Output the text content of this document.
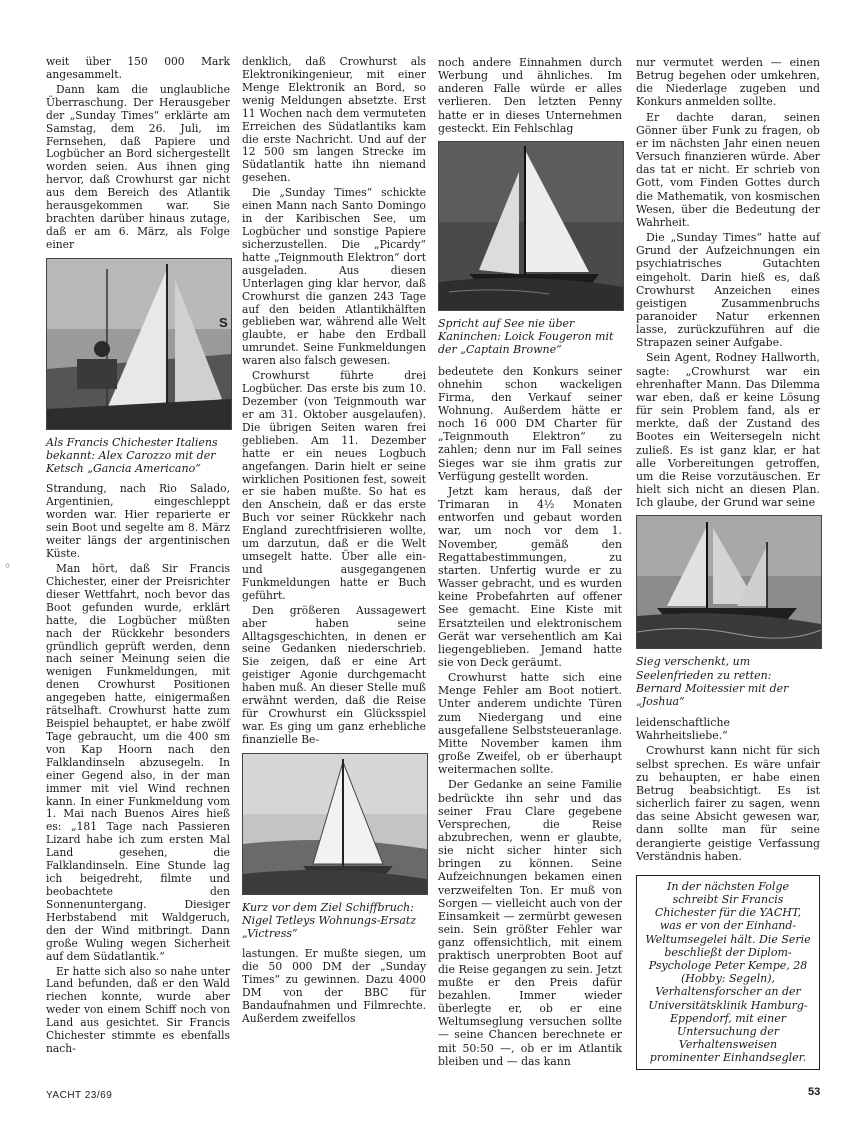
weit über 150 000 Mark angesammelt.

Dann kam die unglaubliche Überraschung. Der Herausgeber der „Sunday Times“ erklärte am Samstag, dem 26. Juli, im Fernsehen, daß Papiere und Logbücher an Bord sichergestellt worden seien. Aus ihnen ging hervor, daß Crowhurst gar nicht aus dem Bereich des Atlantik herausgekommen war. Sie brachten darüber hinaus zutage, daß er am 6. März, als Folge einer

S
Als Francis Chichester Italiens bekannt: Alex Carozzo mit der Ketsch „Gancia Americano“

Strandung, nach Rio Salado, Argentinien, eingeschleppt worden war. Hier reparierte er sein Boot und segelte am 8. März weiter längs der argentinischen Küste.

Man hört, daß Sir Francis Chichester, einer der Preisrichter dieser Wettfahrt, noch bevor das Boot gefunden wurde, erklärt hatte, die Logbücher müßten nach der Rückkehr besonders gründlich geprüft werden, denn nach seiner Meinung seien die wenigen Funkmeldungen, mit denen Crowhurst Positionen angegeben hatte, einigermaßen rätselhaft. Crowhurst hatte zum Beispiel behauptet, er habe zwölf Tage gebraucht, um die 400 sm von Kap Hoorn nach den Falklandinseln abzusegeln. In einer Gegend also, in der man immer mit viel Wind rechnen kann. In einer Funkmeldung vom 1. Mai nach Buenos Aires hieß es: „181 Tage nach Passieren Lizard habe ich zum ersten Mal Land gesehen, die Falklandinseln. Eine Stunde lag ich beigedreht, filmte und beobachtete den Sonnenuntergang. Diesiger Herbstabend mit Waldgeruch, den der Wind mitbringt. Dann große Wuling wegen Sicherheit auf dem Südatlantik.“

Er hatte sich also so nahe unter Land befunden, daß er den Wald riechen konnte, wurde aber weder von einem Schiff noch von Land aus gesichtet. Sir Francis Chichester stimmte es ebenfalls nach-

denklich, daß Crowhurst als Elektronikingenieur, mit einer Menge Elektronik an Bord, so wenig Meldungen absetzte. Erst 11 Wochen nach dem vermuteten Erreichen des Südatlantiks kam die erste Nachricht. Und auf der 12 500 sm langen Strecke im Südatlantik hatte ihn niemand gesehen.

Die „Sunday Times“ schickte einen Mann nach Santo Domingo in der Karibischen See, um Logbücher und sonstige Papiere sicherzustellen. Die „Picardy“ hatte „Teignmouth Elektron“ dort ausgeladen. Aus diesen Unterlagen ging klar hervor, daß Crowhurst die ganzen 243 Tage auf den beiden Atlantikhälften geblieben war, während alle Welt glaubte, er habe den Erdball umrundet. Seine Funkmeldungen waren also falsch gewesen.

Crowhurst führte drei Logbücher. Das erste bis zum 10. Dezember (von Teignmouth war er am 31. Oktober ausgelaufen). Die übrigen Seiten waren frei geblieben. Am 11. Dezember hatte er ein neues Logbuch angefangen. Darin hielt er seine wirklichen Positionen fest, soweit er sie haben mußte. So hat es den Anschein, daß er das erste Buch vor seiner Rückkehr nach England zurechtfrisieren wollte, um darzutun, daß er die Welt umsegelt hatte. Über alle ein- und ausgegangenen Funkmeldungen hatte er Buch geführt.

Den größeren Aussagewert aber haben seine Alltagsgeschichten, in denen er seine Gedanken niederschrieb. Sie zeigen, daß er eine Art geistiger Agonie durchgemacht haben muß. An dieser Stelle muß erwähnt werden, daß die Reise für Crowhurst ein Glücksspiel war. Es ging um ganz erhebliche finanzielle Be-

Kurz vor dem Ziel Schiffbruch: Nigel Tetleys Wohnungs-Ersatz „Victress“

lastungen. Er mußte siegen, um die 50 000 DM der „Sunday Times“ zu gewinnen. Dazu 4000 DM von der BBC für Bandaufnahmen und Filmrechte. Außerdem zweifellos

noch andere Einnahmen durch Werbung und ähnliches. Im anderen Falle würde er alles verlieren. Den letzten Penny hatte er in dieses Unternehmen gesteckt. Ein Fehlschlag

Spricht auf See nie über Kaninchen: Loick Fougeron mit der „Captain Browne“

bedeutete den Konkurs seiner ohnehin schon wackeligen Firma, den Verkauf seiner Wohnung. Außerdem hätte er noch 16 000 DM Charter für „Teignmouth Elektron“ zu zahlen; denn nur im Fall seines Sieges war sie ihm gratis zur Verfügung gestellt worden.

Jetzt kam heraus, daß der Trimaran in 4½ Monaten entworfen und gebaut worden war, um noch vor dem 1. November, gemäß den Regattabestimmungen, zu starten. Unfertig wurde er zu Wasser gebracht, und es wurden keine Probefahrten auf offener See gemacht. Eine Kiste mit Ersatzteilen und elektronischem Gerät war versehentlich am Kai liegengeblieben. Jemand hatte sie von Deck geräumt.

Crowhurst hatte sich eine Menge Fehler am Boot notiert. Unter anderem undichte Türen zum Niedergang und eine ausgefallene Selbststeueranlage. Mitte November kamen ihm große Zweifel, ob er überhaupt weitermachen sollte.

Der Gedanke an seine Familie bedrückte ihn sehr und das seiner Frau Clare gegebene Versprechen, die Reise abzubrechen, wenn er glaubte, sie nicht sicher hinter sich bringen zu können. Seine Aufzeichnungen bekamen einen verzweifelten Ton. Er muß von Sorgen — vielleicht auch von der Einsamkeit — zermürbt gewesen sein. Sein größter Fehler war ganz offensichtlich, mit einem praktisch unerprobten Boot auf die Reise gegangen zu sein. Jetzt mußte er den Preis dafür bezahlen. Immer wieder überlegte er, ob er eine Weltumseglung versuchen sollte — seine Chancen berechnete er mit 50:50 —, ob er im Atlantik bleiben und — das kann

nur vermutet werden — einen Betrug begehen oder umkehren, die Niederlage zugeben und Konkurs anmelden sollte.

Er dachte daran, seinen Gönner über Funk zu fragen, ob er im nächsten Jahr einen neuen Versuch finanzieren würde. Aber das tat er nicht. Er schrieb von Gott, vom Finden Gottes durch die Mathematik, von kosmischen Wesen, über die Bedeutung der Wahrheit.

Die „Sunday Times“ hatte auf Grund der Aufzeichnungen ein psychiatrisches Gutachten eingeholt. Darin hieß es, daß Crowhurst Anzeichen eines geistigen Zusammenbruchs paranoider Natur erkennen lasse, zurückzuführen auf die Strapazen seiner Aufgabe.

Sein Agent, Rodney Hallworth, sagte: „Crowhurst war ein ehrenhafter Mann. Das Dilemma war eben, daß er keine Lösung für sein Problem fand, als er merkte, daß der Zustand des Bootes ein Weitersegeln nicht zuließ. Es ist ganz klar, er hat alle Vorbereitungen getroffen, um die Reise vorzutäuschen. Er hielt sich nicht an diesen Plan. Ich glaube, der Grund war seine

Sieg verschenkt, um Seelenfrieden zu retten: Bernard Moitessier mit der „Joshua“

leidenschaftliche Wahrheitsliebe.“

Crowhurst kann nicht für sich selbst sprechen. Es wäre unfair zu behaupten, er habe einen Betrug beabsichtigt. Es ist sicherlich fairer zu sagen, wenn das seine Absicht gewesen war, dann sollte man für seine derangierte geistige Verfassung Verständnis haben.

In der nächsten Folge schreibt Sir Francis Chichester für die YACHT, was er von der Einhand-Weltumsegelei hält. Die Serie beschließt der Diplom-Psychologe Peter Kempe, 28 (Hobby: Segeln), Verhaltensforscher an der Universitätsklinik Hamburg-Eppendorf, mit einer Untersuchung der Verhaltensweisen prominenter Einhandsegler.
◦
YACHT 23/69	53
